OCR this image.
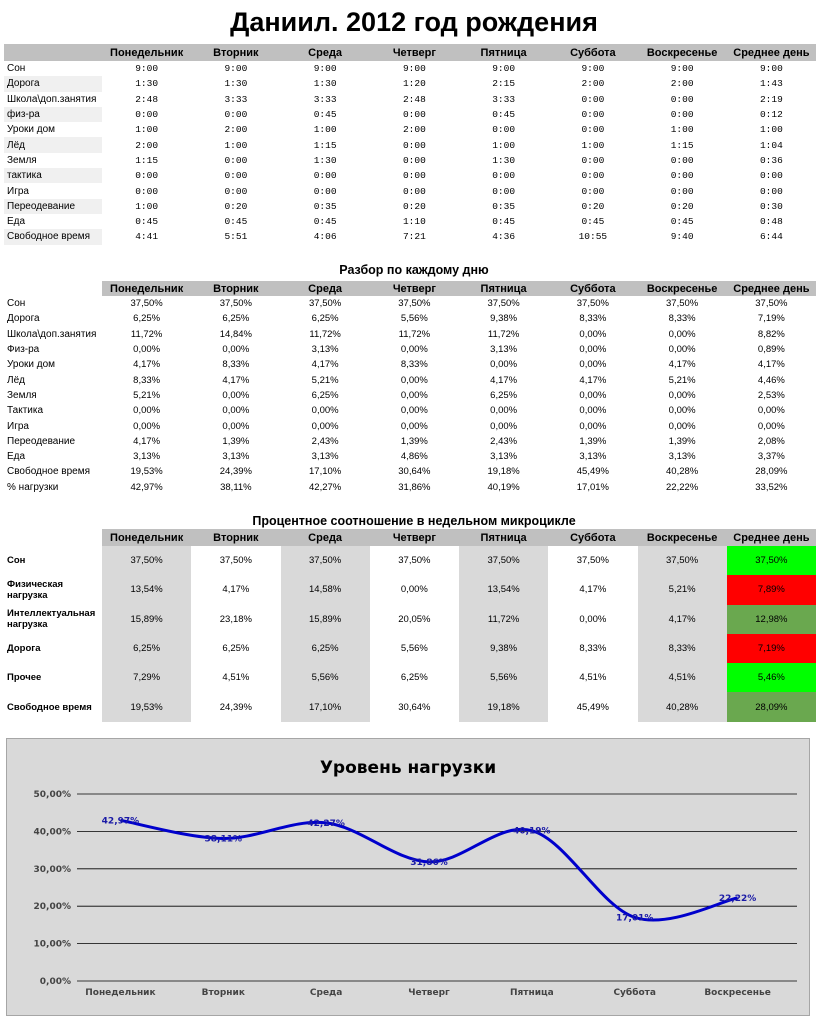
Даниил. 2012 год рождения
	Понедельник	Вторник	Среда	Четверг	Пятница	Суббота	Воскресенье	Среднее день
Сон	9:00	9:00	9:00	9:00	9:00	9:00	9:00	9:00
Дорога	1:30	1:30	1:30	1:20	2:15	2:00	2:00	1:43
Школа\доп.занятия	2:48	3:33	3:33	2:48	3:33	0:00	0:00	2:19
физ-ра	0:00	0:00	0:45	0:00	0:45	0:00	0:00	0:12
Уроки дом	1:00	2:00	1:00	2:00	0:00	0:00	1:00	1:00
Лёд	2:00	1:00	1:15	0:00	1:00	1:00	1:15	1:04
Земля	1:15	0:00	1:30	0:00	1:30	0:00	0:00	0:36
тактика	0:00	0:00	0:00	0:00	0:00	0:00	0:00	0:00
Игра	0:00	0:00	0:00	0:00	0:00	0:00	0:00	0:00
Переодевание	1:00	0:20	0:35	0:20	0:35	0:20	0:20	0:30
Еда	0:45	0:45	0:45	1:10	0:45	0:45	0:45	0:48
Свободное время	4:41	5:51	4:06	7:21	4:36	10:55	9:40	6:44
Разбор по каждому дню
	Понедельник	Вторник	Среда	Четверг	Пятница	Суббота	Воскресенье	Среднее день
Сон	37,50%	37,50%	37,50%	37,50%	37,50%	37,50%	37,50%	37,50%
Дорога	6,25%	6,25%	6,25%	5,56%	9,38%	8,33%	8,33%	7,19%
Школа\доп.занятия	11,72%	14,84%	11,72%	11,72%	11,72%	0,00%	0,00%	8,82%
Физ-ра	0,00%	0,00%	3,13%	0,00%	3,13%	0,00%	0,00%	0,89%
Уроки дом	4,17%	8,33%	4,17%	8,33%	0,00%	0,00%	4,17%	4,17%
Лёд	8,33%	4,17%	5,21%	0,00%	4,17%	4,17%	5,21%	4,46%
Земля	5,21%	0,00%	6,25%	0,00%	6,25%	0,00%	0,00%	2,53%
Тактика	0,00%	0,00%	0,00%	0,00%	0,00%	0,00%	0,00%	0,00%
Игра	0,00%	0,00%	0,00%	0,00%	0,00%	0,00%	0,00%	0,00%
Переодевание	4,17%	1,39%	2,43%	1,39%	2,43%	1,39%	1,39%	2,08%
Еда	3,13%	3,13%	3,13%	4,86%	3,13%	3,13%	3,13%	3,37%
Свободное время	19,53%	24,39%	17,10%	30,64%	19,18%	45,49%	40,28%	28,09%
% нагрузки	42,97%	38,11%	42,27%	31,86%	40,19%	17,01%	22,22%	33,52%
Процентное соотношение в недельном микроцикле
	Понедельник	Вторник	Среда	Четверг	Пятница	Суббота	Воскресенье	Среднее день
Сон	37,50%	37,50%	37,50%	37,50%	37,50%	37,50%	37,50%	37,50%
Физическая нагрузка	13,54%	4,17%	14,58%	0,00%	13,54%	4,17%	5,21%	7,89%
Интеллектуальная нагрузка	15,89%	23,18%	15,89%	20,05%	11,72%	0,00%	4,17%	12,98%
Дорога	6,25%	6,25%	6,25%	5,56%	9,38%	8,33%	8,33%	7,19%
Прочее	7,29%	4,51%	5,56%	6,25%	5,56%	4,51%	4,51%	5,46%
Свободное время	19,53%	24,39%	17,10%	30,64%	19,18%	45,49%	40,28%	28,09%
Уровень нагрузки
0,00%
10,00%
20,00%
30,00%
40,00%
50,00%
Понедельник	Вторник	Среда	Четверг	Пятница	Суббота	Воскресенье
42,97%
38,11%
42,27%
31,86%
40,19%
17,01%
22,22%
